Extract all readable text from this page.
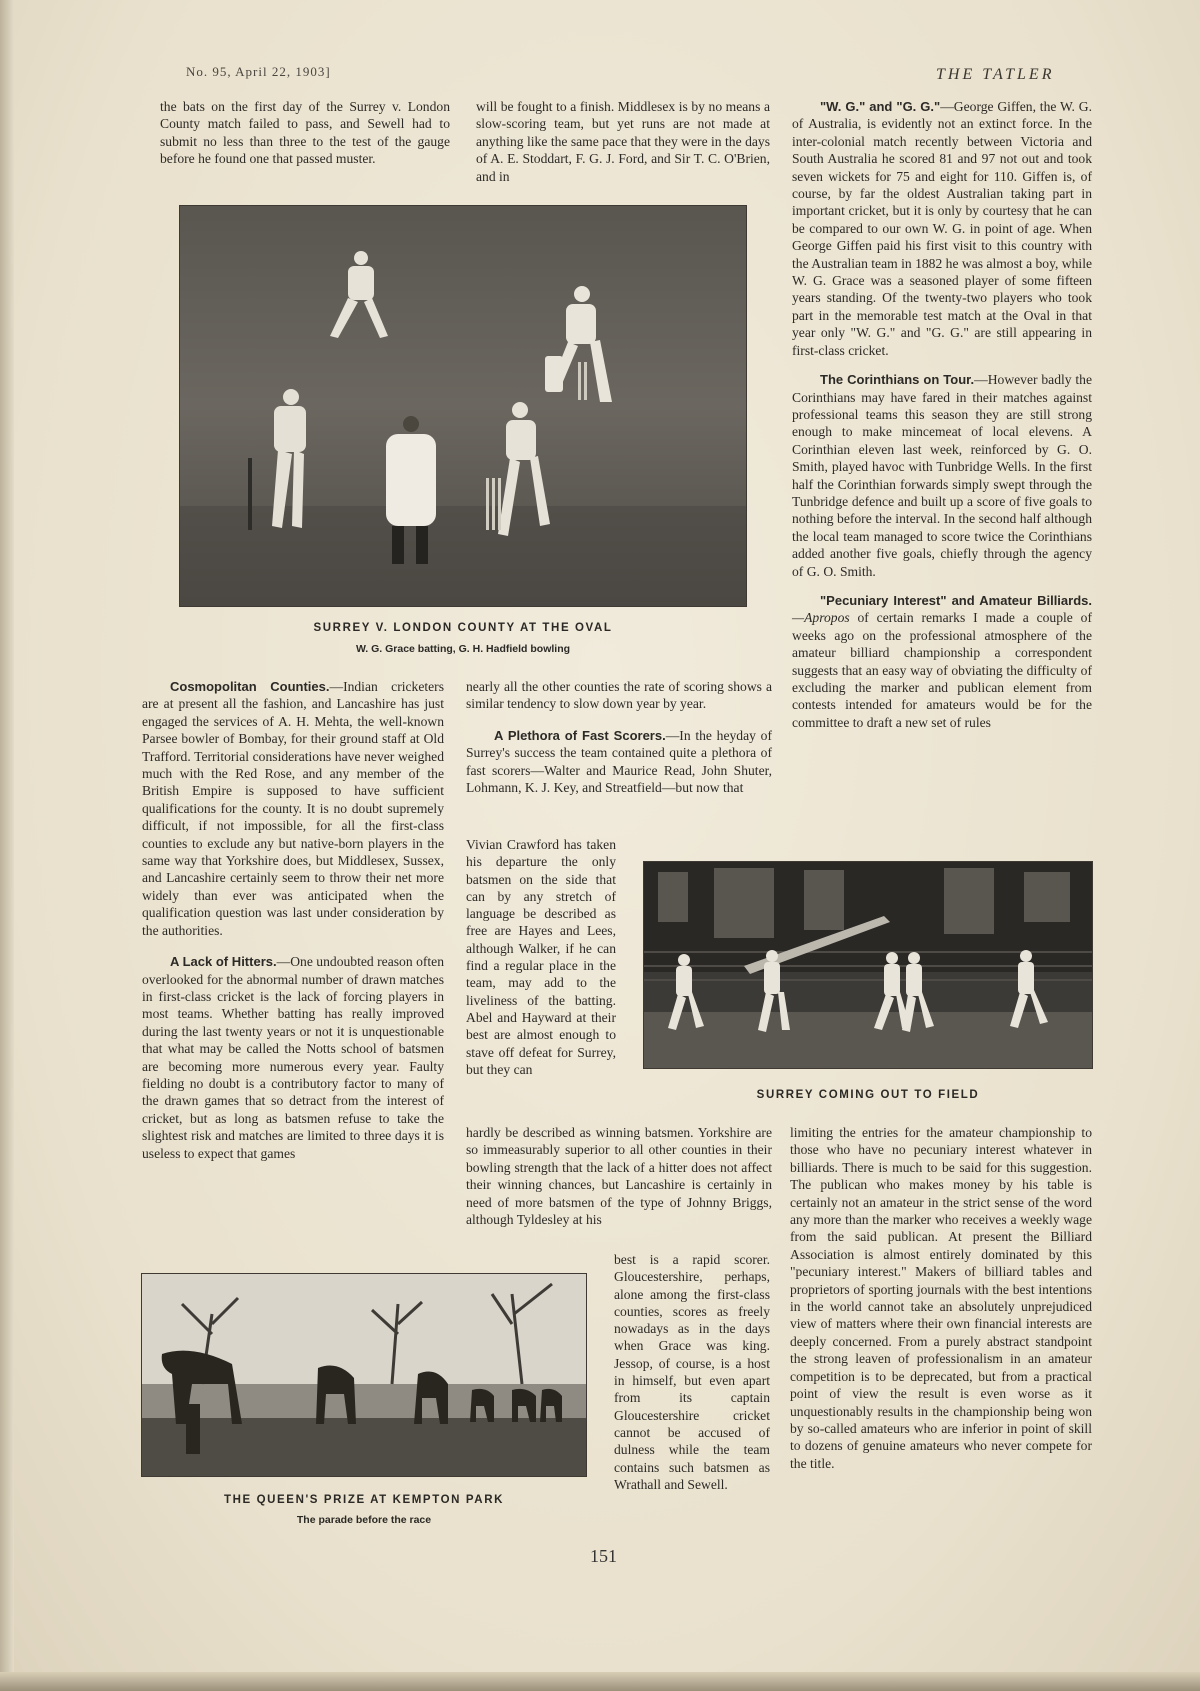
No. 95, April 22, 1903]	THE TATLER

the bats on the first day of the Surrey v. London County match failed to pass, and Sewell had to submit no less than three to the test of the gauge before he found one that passed muster.

will be fought to a finish. Middlesex is by no means a slow-scoring team, but yet runs are not made at anything like the same pace that they were in the days of A. E. Stoddart, F. G. J. Ford, and Sir T. C. O'Brien, and in

SURREY V. LONDON COUNTY AT THE OVAL
W. G. Grace batting, G. H. Hadfield bowling

Cosmopolitan Counties.—Indian cricketers are at present all the fashion, and Lancashire has just engaged the services of A. H. Mehta, the well-known Parsee bowler of Bombay, for their ground staff at Old Trafford. Territorial considerations have never weighed much with the Red Rose, and any member of the British Empire is supposed to have sufficient qualifications for the county. It is no doubt supremely difficult, if not impossible, for all the first-class counties to exclude any but native-born players in the same way that Yorkshire does, but Middlesex, Sussex, and Lancashire certainly seem to throw their net more widely than ever was anticipated when the qualification question was last under consideration by the authorities.

A Lack of Hitters.—One undoubted reason often overlooked for the abnormal number of drawn matches in first-class cricket is the lack of forcing players in most teams. Whether batting has really improved during the last twenty years or not it is unquestionable that what may be called the Notts school of batsmen are becoming more numerous every year. Faulty fielding no doubt is a contributory factor to many of the drawn games that so detract from the interest of cricket, but as long as batsmen refuse to take the slightest risk and matches are limited to three days it is useless to expect that games

nearly all the other counties the rate of scoring shows a similar tendency to slow down year by year.

A Plethora of Fast Scorers.—In the heyday of Surrey's success the team contained quite a plethora of fast scorers—Walter and Maurice Read, John Shuter, Lohmann, K. J. Key, and Streatfield—but now that

Vivian Crawford has taken his departure the only batsmen on the side that can by any stretch of language be described as free are Hayes and Lees, although Walker, if he can find a regular place in the team, may add to the liveliness of the batting. Abel and Hayward at their best are almost enough to stave off defeat for Surrey, but they can

hardly be described as winning batsmen. Yorkshire are so immeasurably superior to all other counties in their bowling strength that the lack of a hitter does not affect their winning chances, but Lancashire is certainly in need of more batsmen of the type of Johnny Briggs, although Tyldesley at his

best is a rapid scorer. Gloucestershire, perhaps, alone among the first-class counties, scores as freely nowadays as in the days when Grace was king. Jessop, of course, is a host in himself, but even apart from its captain Gloucestershire cricket cannot be accused of dulness while the team contains such batsmen as Wrathall and Sewell.

"W. G." and "G. G."—George Giffen, the W. G. of Australia, is evidently not an extinct force. In the inter-colonial match recently between Victoria and South Australia he scored 81 and 97 not out and took seven wickets for 75 and eight for 110. Giffen is, of course, by far the oldest Australian taking part in important cricket, but it is only by courtesy that he can be compared to our own W. G. in point of age. When George Giffen paid his first visit to this country with the Australian team in 1882 he was almost a boy, while W. G. Grace was a seasoned player of some fifteen years standing. Of the twenty-two players who took part in the memorable test match at the Oval in that year only "W. G." and "G. G." are still appearing in first-class cricket.

The Corinthians on Tour.—However badly the Corinthians may have fared in their matches against professional teams this season they are still strong enough to make mincemeat of local elevens. A Corinthian eleven last week, reinforced by G. O. Smith, played havoc with Tunbridge Wells. In the first half the Corinthian forwards simply swept through the Tunbridge defence and built up a score of five goals to nothing before the interval. In the second half although the local team managed to score twice the Corinthians added another five goals, chiefly through the agency of G. O. Smith.

"Pecuniary Interest" and Amateur Billiards.—Apropos of certain remarks I made a couple of weeks ago on the professional atmosphere of the amateur billiard championship a correspondent suggests that an easy way of obviating the difficulty of excluding the marker and publican element from contests intended for amateurs would be for the committee to draft a new set of rules

SURREY COMING OUT TO FIELD

limiting the entries for the amateur championship to those who have no pecuniary interest whatever in billiards. There is much to be said for this suggestion. The publican who makes money by his table is certainly not an amateur in the strict sense of the word any more than the marker who receives a weekly wage from the said publican. At present the Billiard Association is almost entirely dominated by this "pecuniary interest." Makers of billiard tables and proprietors of sporting journals with the best intentions in the world cannot take an absolutely unprejudiced view of matters where their own financial interests are deeply concerned. From a purely abstract standpoint the strong leaven of professionalism in an amateur competition is to be deprecated, but from a practical point of view the result is even worse as it unquestionably results in the championship being won by so-called amateurs who are inferior in point of skill to dozens of genuine amateurs who never compete for the title.

THE QUEEN'S PRIZE AT KEMPTON PARK
The parade before the race
151
